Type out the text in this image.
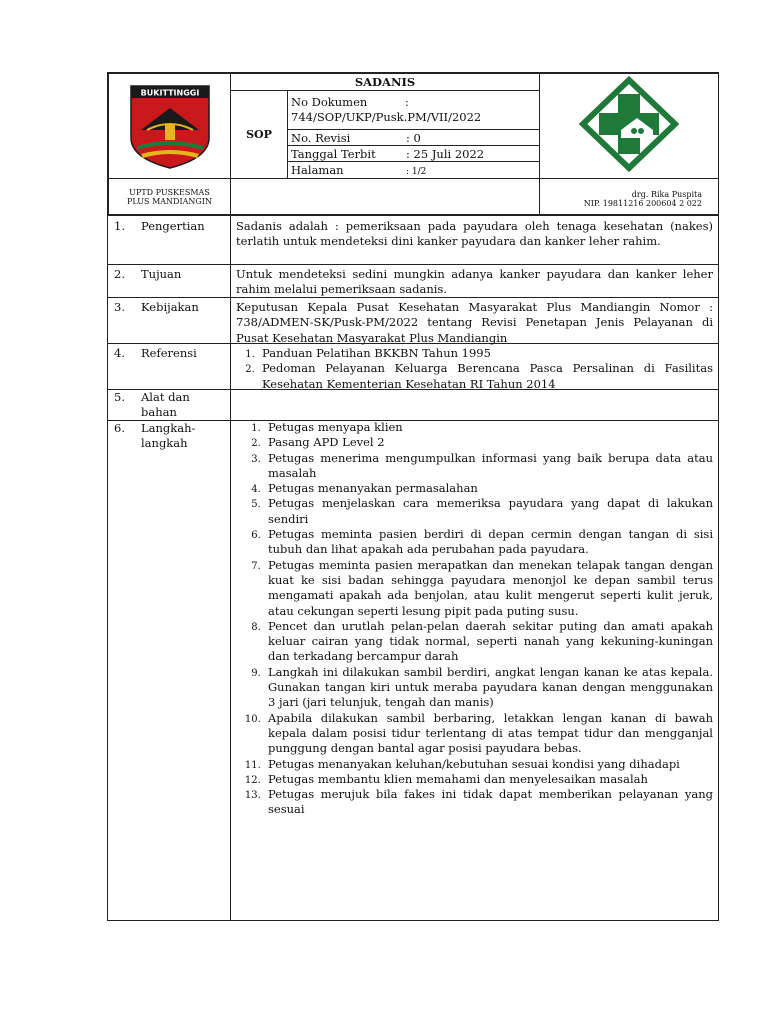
BUKITTINGGI	SADANIS	
	SOP	No Dokumen :
744/SOP/UKP/Pusk.PM/VII/2022	
		No. Revisi : 0	
		Tanggal Terbit : 25 Juli 2022	
		Halaman : 1/2	
UPTD PUSKESMAS
PLUS MANDIANGIN			drg. Rika Puspita
NIP. 19811216 200604 2 022
1. Pengertian	Sadanis adalah : pemeriksaan pada payudara oleh tenaga kesehatan (nakes) terlatih untuk mendeteksi dini kanker payudara dan kanker leher rahim.
2. Tujuan	Untuk mendeteksi sedini mungkin adanya kanker payudara dan kanker leher rahim melalui pemeriksaan sadanis.
3. Kebijakan	Keputusan Kepala Pusat Kesehatan Masyarakat Plus Mandiangin Nomor : 738/ADMEN-SK/Pusk-PM/2022 tentang Revisi Penetapan Jenis Pelayanan di Pusat Kesehatan Masyarakat Plus Mandiangin
4. Referensi	1. Panduan Pelatihan BKKBN Tahun 1995
2. Pedoman Pelayanan Keluarga Berencana Pasca Persalinan di Fasilitas Kesehatan Kementerian Kesehatan RI Tahun 2014
5. Alat dan
bahan
6. Langkah-
langkah
1. Petugas menyapa klien
2. Pasang APD Level 2
3. Petugas menerima mengumpulkan informasi yang baik berupa data atau masalah
4. Petugas menanyakan permasalahan
5. Petugas menjelaskan cara memeriksa payudara yang dapat di lakukan sendiri
6. Petugas meminta pasien berdiri di depan cermin dengan tangan di sisi tubuh dan lihat apakah ada perubahan pada payudara.
7. Petugas meminta pasien merapatkan dan menekan telapak tangan dengan kuat ke sisi badan sehingga payudara menonjol ke depan sambil terus mengamati apakah ada benjolan, atau kulit mengerut seperti kulit jeruk, atau cekungan seperti lesung pipit pada puting susu.
8. Pencet dan urutlah pelan-pelan daerah sekitar puting dan amati apakah keluar cairan yang tidak normal, seperti nanah yang kekuning-kuningan dan terkadang bercampur darah
9. Langkah ini dilakukan sambil berdiri, angkat lengan kanan ke atas kepala. Gunakan tangan kiri untuk meraba payudara kanan dengan menggunakan 3 jari (jari telunjuk, tengah dan manis)
10. Apabila dilakukan sambil berbaring, letakkan lengan kanan di bawah kepala dalam posisi tidur terlentang di atas tempat tidur dan mengganjal punggung dengan bantal agar posisi payudara bebas.
11. Petugas menanyakan keluhan/kebutuhan sesuai kondisi yang dihadapi
12. Petugas membantu klien memahami dan menyelesaikan masalah
13. Petugas merujuk bila fakes ini tidak dapat memberikan pelayanan yang sesuai
